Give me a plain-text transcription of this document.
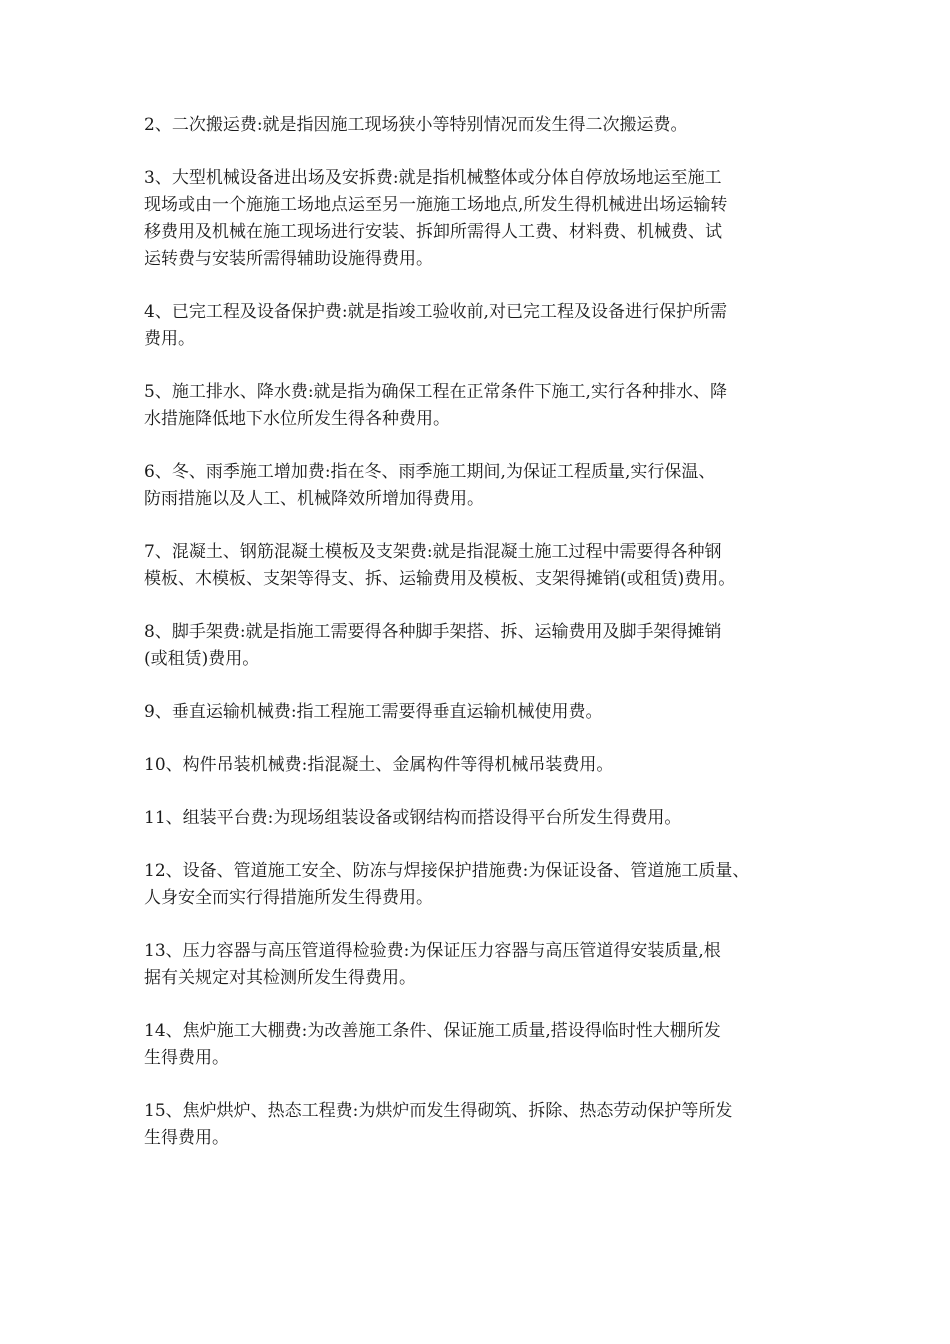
2、二次搬运费:就是指因施工现场狭小等特别情况而发生得二次搬运费。

3、大型机械设备进出场及安拆费:就是指机械整体或分体自停放场地运至施工
现场或由一个施施工场地点运至另一施施工场地点,所发生得机械进出场运输转
移费用及机械在施工现场进行安装、拆卸所需得人工费、材料费、机械费、试
运转费与安装所需得辅助设施得费用。

4、已完工程及设备保护费:就是指竣工验收前,对已完工程及设备进行保护所需
费用。

5、施工排水、降水费:就是指为确保工程在正常条件下施工,实行各种排水、降
水措施降低地下水位所发生得各种费用。

6、冬、雨季施工增加费:指在冬、雨季施工期间,为保证工程质量,实行保温、
防雨措施以及人工、机械降效所增加得费用。

7、混凝土、钢筋混凝土模板及支架费:就是指混凝土施工过程中需要得各种钢
模板、木模板、支架等得支、拆、运输费用及模板、支架得摊销(或租赁)费用。

8、脚手架费:就是指施工需要得各种脚手架搭、拆、运输费用及脚手架得摊销
(或租赁)费用。

9、垂直运输机械费:指工程施工需要得垂直运输机械使用费。

10、构件吊装机械费:指混凝土、金属构件等得机械吊装费用。

11、组装平台费:为现场组装设备或钢结构而搭设得平台所发生得费用。

12、设备、管道施工安全、防冻与焊接保护措施费:为保证设备、管道施工质量、
人身安全而实行得措施所发生得费用。

13、压力容器与高压管道得检验费:为保证压力容器与高压管道得安装质量,根
据有关规定对其检测所发生得费用。

14、焦炉施工大棚费:为改善施工条件、保证施工质量,搭设得临时性大棚所发
生得费用。

15、焦炉烘炉、热态工程费:为烘炉而发生得砌筑、拆除、热态劳动保护等所发
生得费用。
